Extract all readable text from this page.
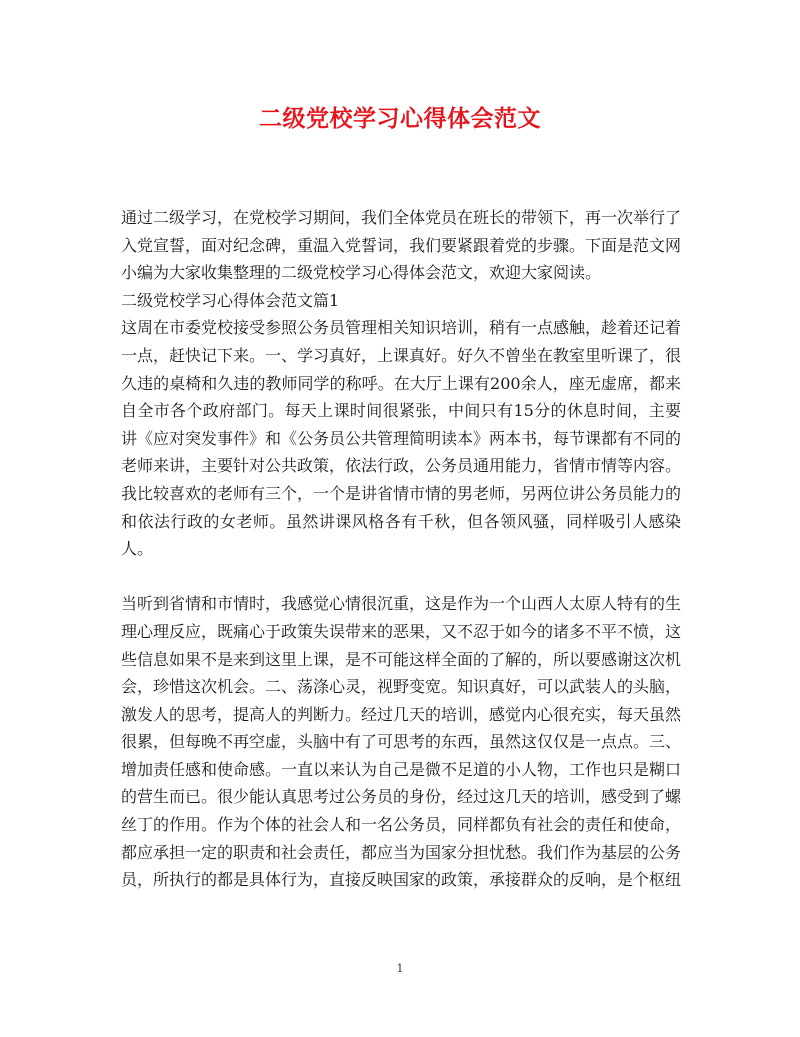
二级党校学习心得体会范文

通过二级学习，在党校学习期间，我们全体党员在班长的带领下，再一次举行了入党宣誓，面对纪念碑，重温入党誓词，我们要紧跟着党的步骤。下面是范文网小编为大家收集整理的二级党校学习心得体会范文，欢迎大家阅读。

二级党校学习心得体会范文篇1

这周在市委党校接受参照公务员管理相关知识培训，稍有一点感触，趁着还记着一点，赶快记下来。一、学习真好，上课真好。好久不曾坐在教室里听课了，很久违的桌椅和久违的教师同学的称呼。在大厅上课有200余人，座无虚席，都来自全市各个政府部门。每天上课时间很紧张，中间只有15分的休息时间，主要讲《应对突发事件》和《公务员公共管理简明读本》两本书，每节课都有不同的老师来讲，主要针对公共政策，依法行政，公务员通用能力，省情市情等内容。我比较喜欢的老师有三个，一个是讲省情市情的男老师，另两位讲公务员能力的和依法行政的女老师。虽然讲课风格各有千秋，但各领风骚，同样吸引人感染人。

当听到省情和市情时，我感觉心情很沉重，这是作为一个山西人太原人特有的生理心理反应，既痛心于政策失误带来的恶果，又不忍于如今的诸多不平不愤，这些信息如果不是来到这里上课，是不可能这样全面的了解的，所以要感谢这次机会，珍惜这次机会。二、荡涤心灵，视野变宽。知识真好，可以武装人的头脑，激发人的思考，提高人的判断力。经过几天的培训，感觉内心很充实，每天虽然很累，但每晚不再空虚，头脑中有了可思考的东西，虽然这仅仅是一点点。三、增加责任感和使命感。一直以来认为自己是微不足道的小人物，工作也只是糊口的营生而已。很少能认真思考过公务员的身份，经过这几天的培训，感受到了螺丝丁的作用。作为个体的社会人和一名公务员，同样都负有社会的责任和使命，都应承担一定的职责和社会责任，都应当为国家分担忧愁。我们作为基层的公务员，所执行的都是具体行为，直接反映国家的政策，承接群众的反响，是个枢纽

1
